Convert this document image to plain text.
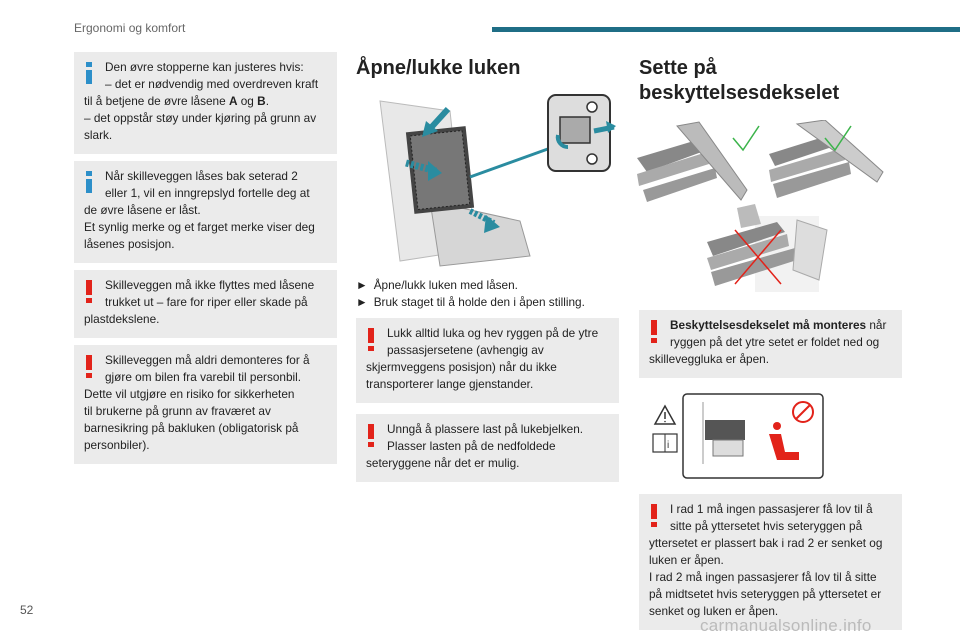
Ergonomi og komfort

Den øvre stopperne kan justeres hvis:

– det er nødvendig med overdreven kraft

til å betjene de øvre låsene A og B.

– det oppstår støy under kjøring på grunn av slark.

Når skilleveggen låses bak seterad 2

eller 1, vil en inngrepslyd fortelle deg at

de øvre låsene er låst.

Et synlig merke og et farget merke viser deg låsenes posisjon.

Skilleveggen må ikke flyttes med låsene

trukket ut – fare for riper eller skade på

plastdekslene.

Skilleveggen må aldri demonteres for å

gjøre om bilen fra varebil til personbil.

Dette vil utgjøre en risiko for sikkerheten

til brukerne på grunn av fraværet av

barnesikring på bakluken (obligatorisk på

personbiler).

Åpne/lukke luken
► Åpne/lukk luken med låsen.
► Bruk staget til å holde den i åpen stilling.

Lukk alltid luka og hev ryggen på de ytre

passasjersetene (avhengig av

skjermveggens posisjon) når du ikke

transporterer lange gjenstander.

Unngå å plassere last på lukebjelken.

Plasser lasten på de nedfoldede

seteryggene når det er mulig.

Sette på
beskyttelsesdekselet

Beskyttelsesdekselet må monteres når

ryggen på det ytre setet er foldet ned og

skilleveggluka er åpen.

i

I rad 1 må ingen passasjerer få lov til å

sitte på yttersetet hvis seteryggen på

yttersetet er plassert bak i rad 2 er senket og

luken er åpen.

I rad 2 må ingen passasjerer få lov til å sitte

på midtsetet hvis seteryggen på yttersetet er

senket og luken er åpen.

52
carmanualsonline.info
